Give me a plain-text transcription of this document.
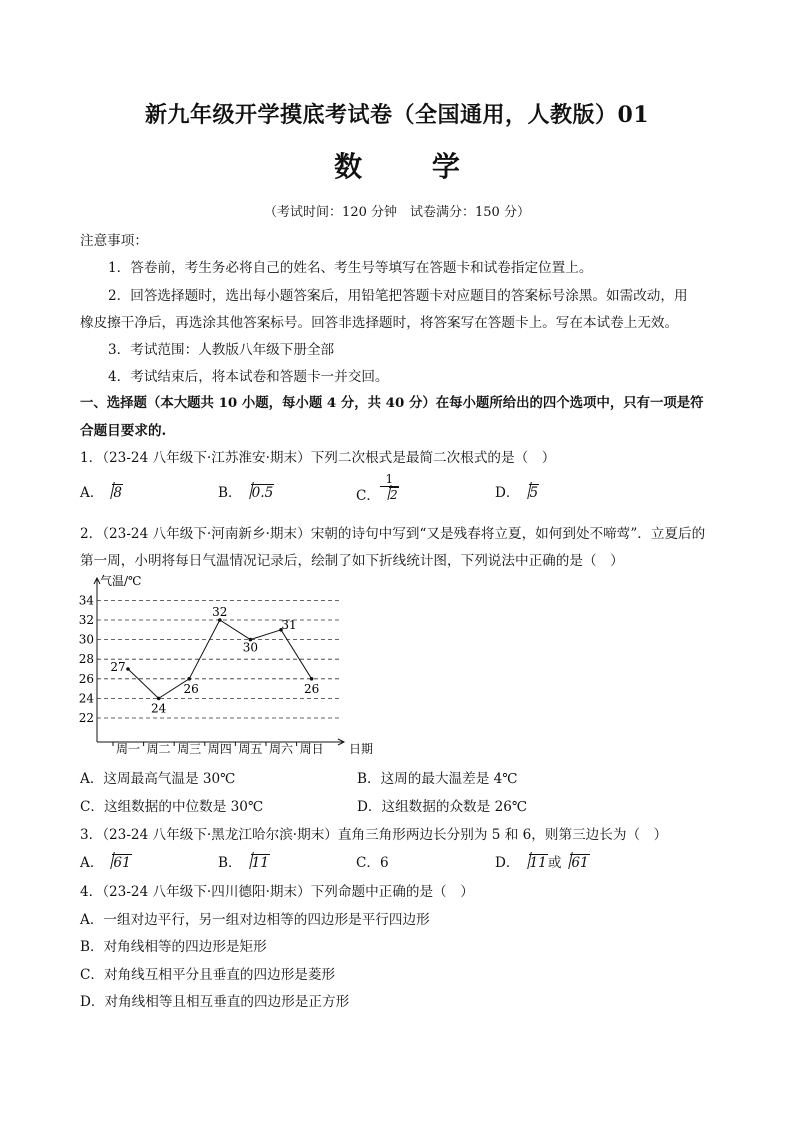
新九年级开学摸底考试卷（全国通用，人教版）01
数 学
（考试时间：120 分钟　试卷满分：150 分）
注意事项：
1．答卷前，考生务必将自己的姓名、考生号等填写在答题卡和试卷指定位置上。
2．回答选择题时，选出每小题答案后，用铅笔把答题卡对应题目的答案标号涂黑。如需改动，用
橡皮擦干净后，再选涂其他答案标号。回答非选择题时，将答案写在答题卡上。写在本试卷上无效。
3．考试范围：人教版八年级下册全部
4．考试结束后，将本试卷和答题卡一并交回。
一、选择题（本大题共 10 小题，每小题 4 分，共 40 分）在每小题所给出的四个选项中，只有一项是符
合题目要求的.
1．（23-24 八年级下·江苏淮安·期末）下列二次根式是最简二次根式的是（　）
A． 8	B． 0.5	C． $\frac{1}{2}$	D． 5
2．（23-24 八年级下·河南新乡·期末）宋朝的诗句中写到“又是残春将立夏，如何到处不啼莺”．立夏后的
第一周，小明将每日气温情况记录后，绘制了如下折线统计图，下列说法中正确的是（　）
22
24
26
28
30
32
34
周一 周二 周三 周四 周五 周六 周日
27
24
26
32
30
31
26
气温/℃
日期
A．这周最高气温是 30℃	B．这周的最大温差是 4℃
C．这组数据的中位数是 30℃	D．这组数据的众数是 26℃
3．（23-24 八年级下·黑龙江哈尔滨·期末）直角三角形两边长分别为 5 和 6，则第三边长为（　）
A． 61	B． 11	C．6	D． 11或 61
4．（23-24 八年级下·四川德阳·期末）下列命题中正确的是（　）
A．一组对边平行，另一组对边相等的四边形是平行四边形
B．对角线相等的四边形是矩形
C．对角线互相平分且垂直的四边形是菱形
D．对角线相等且相互垂直的四边形是正方形
